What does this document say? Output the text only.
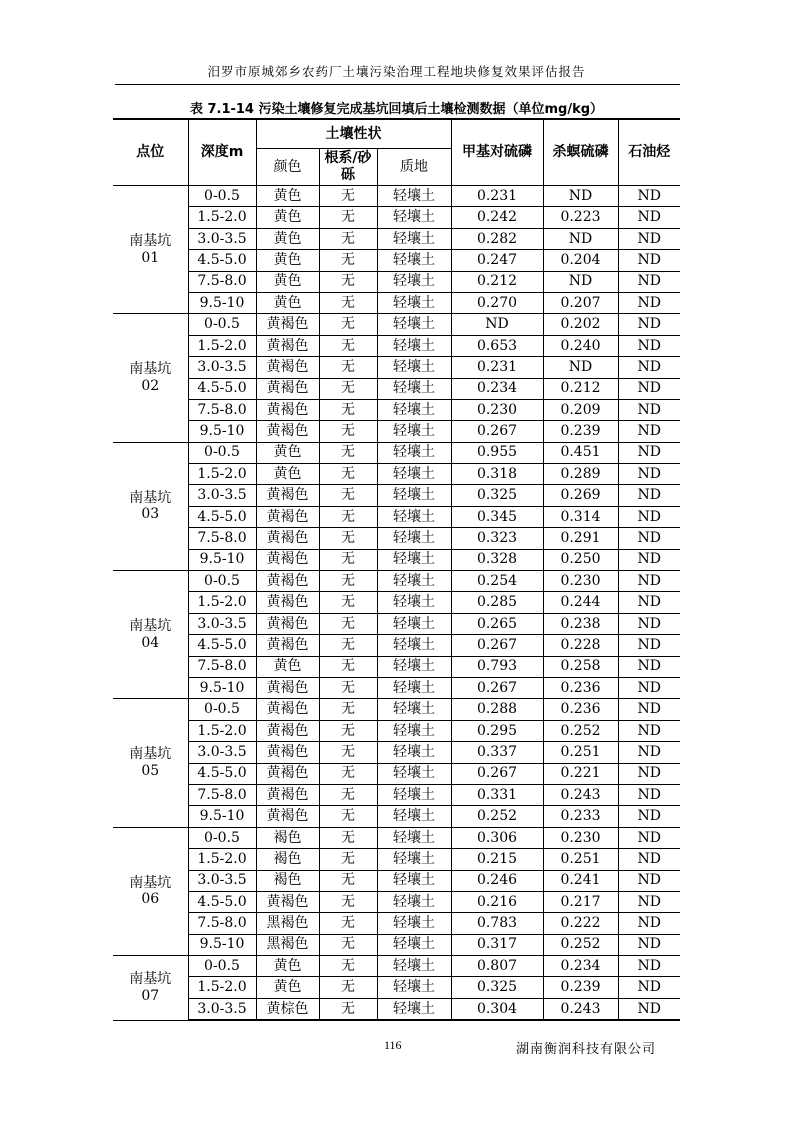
汨罗市原城郊乡农药厂土壤污染治理工程地块修复效果评估报告
表 7.1-14 污染土壤修复完成基坑回填后土壤检测数据（单位mg/kg）
点位	深度m	土壤性状			甲基对硫磷	杀螟硫磷	石油烃
		颜色	根系/砂砾	质地			
南基坑
01	0-0.5	黄色	无	轻壤土	0.231	ND	ND
	1.5-2.0	黄色	无	轻壤土	0.242	0.223	ND
	3.0-3.5	黄色	无	轻壤土	0.282	ND	ND
	4.5-5.0	黄色	无	轻壤土	0.247	0.204	ND
	7.5-8.0	黄色	无	轻壤土	0.212	ND	ND
	9.5-10	黄色	无	轻壤土	0.270	0.207	ND
南基坑
02	0-0.5	黄褐色	无	轻壤土	ND	0.202	ND
	1.5-2.0	黄褐色	无	轻壤土	0.653	0.240	ND
	3.0-3.5	黄褐色	无	轻壤土	0.231	ND	ND
	4.5-5.0	黄褐色	无	轻壤土	0.234	0.212	ND
	7.5-8.0	黄褐色	无	轻壤土	0.230	0.209	ND
	9.5-10	黄褐色	无	轻壤土	0.267	0.239	ND
南基坑
03	0-0.5	黄色	无	轻壤土	0.955	0.451	ND
	1.5-2.0	黄色	无	轻壤土	0.318	0.289	ND
	3.0-3.5	黄褐色	无	轻壤土	0.325	0.269	ND
	4.5-5.0	黄褐色	无	轻壤土	0.345	0.314	ND
	7.5-8.0	黄褐色	无	轻壤土	0.323	0.291	ND
	9.5-10	黄褐色	无	轻壤土	0.328	0.250	ND
南基坑
04	0-0.5	黄褐色	无	轻壤土	0.254	0.230	ND
	1.5-2.0	黄褐色	无	轻壤土	0.285	0.244	ND
	3.0-3.5	黄褐色	无	轻壤土	0.265	0.238	ND
	4.5-5.0	黄褐色	无	轻壤土	0.267	0.228	ND
	7.5-8.0	黄色	无	轻壤土	0.793	0.258	ND
	9.5-10	黄褐色	无	轻壤土	0.267	0.236	ND
南基坑
05	0-0.5	黄褐色	无	轻壤土	0.288	0.236	ND
	1.5-2.0	黄褐色	无	轻壤土	0.295	0.252	ND
	3.0-3.5	黄褐色	无	轻壤土	0.337	0.251	ND
	4.5-5.0	黄褐色	无	轻壤土	0.267	0.221	ND
	7.5-8.0	黄褐色	无	轻壤土	0.331	0.243	ND
	9.5-10	黄褐色	无	轻壤土	0.252	0.233	ND
南基坑
06	0-0.5	褐色	无	轻壤土	0.306	0.230	ND
	1.5-2.0	褐色	无	轻壤土	0.215	0.251	ND
	3.0-3.5	褐色	无	轻壤土	0.246	0.241	ND
	4.5-5.0	黄褐色	无	轻壤土	0.216	0.217	ND
	7.5-8.0	黑褐色	无	轻壤土	0.783	0.222	ND
	9.5-10	黑褐色	无	轻壤土	0.317	0.252	ND
南基坑
07	0-0.5	黄色	无	轻壤土	0.807	0.234	ND
	1.5-2.0	黄色	无	轻壤土	0.325	0.239	ND
	3.0-3.5	黄棕色	无	轻壤土	0.304	0.243	ND
116	湖南衡润科技有限公司
